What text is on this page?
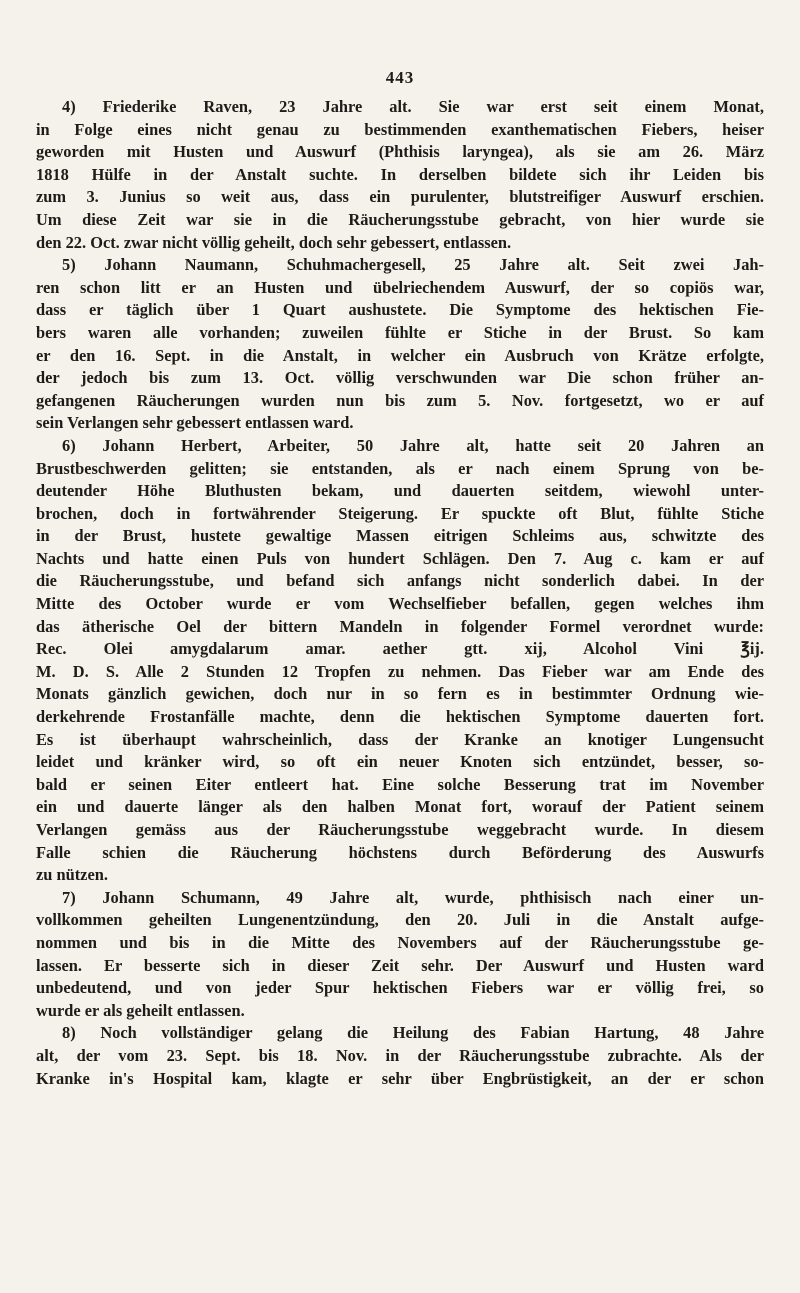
443
4) Friederike Raven, 23 Jahre alt. Sie war erst seit einem Monat,
in Folge eines nicht genau zu bestimmenden exanthematischen Fiebers, heiser
geworden mit Husten und Auswurf (Phthisis laryngea), als sie am 26. März
1818 Hülfe in der Anstalt suchte. In derselben bildete sich ihr Leiden bis
zum 3. Junius so weit aus, dass ein purulenter, blutstreifiger Auswurf erschien.
Um diese Zeit war sie in die Räucherungsstube gebracht, von hier wurde sie
den 22. Oct. zwar nicht völlig geheilt, doch sehr gebessert, entlassen.
5) Johann Naumann, Schuhmachergesell, 25 Jahre alt. Seit zwei Jah-
ren schon litt er an Husten und übelriechendem Auswurf, der so copiös war,
dass er täglich über 1 Quart aushustete. Die Symptome des hektischen Fie-
bers waren alle vorhanden; zuweilen fühlte er Stiche in der Brust. So kam
er den 16. Sept. in die Anstalt, in welcher ein Ausbruch von Krätze erfolgte,
der jedoch bis zum 13. Oct. völlig verschwunden war Die schon früher an-
gefangenen Räucherungen wurden nun bis zum 5. Nov. fortgesetzt, wo er auf
sein Verlangen sehr gebessert entlassen ward.
6) Johann Herbert, Arbeiter, 50 Jahre alt, hatte seit 20 Jahren an
Brustbeschwerden gelitten; sie entstanden, als er nach einem Sprung von be-
deutender Höhe Bluthusten bekam, und dauerten seitdem, wiewohl unter-
brochen, doch in fortwährender Steigerung. Er spuckte oft Blut, fühlte Stiche
in der Brust, hustete gewaltige Massen eitrigen Schleims aus, schwitzte des
Nachts und hatte einen Puls von hundert Schlägen. Den 7. Aug c. kam er auf
die Räucherungsstube, und befand sich anfangs nicht sonderlich dabei. In der
Mitte des October wurde er vom Wechselfieber befallen, gegen welches ihm
das ätherische Oel der bittern Mandeln in folgender Formel verordnet wurde:
Rec. Olei amygdalarum amar. aether gtt. xij, Alcohol Vini ℥ij.
M. D. S. Alle 2 Stunden 12 Tropfen zu nehmen. Das Fieber war am Ende des
Monats gänzlich gewichen, doch nur in so fern es in bestimmter Ordnung wie-
derkehrende Frostanfälle machte, denn die hektischen Symptome dauerten fort.
Es ist überhaupt wahrscheinlich, dass der Kranke an knotiger Lungensucht
leidet und kränker wird, so oft ein neuer Knoten sich entzündet, besser, so-
bald er seinen Eiter entleert hat. Eine solche Besserung trat im November
ein und dauerte länger als den halben Monat fort, worauf der Patient seinem
Verlangen gemäss aus der Räucherungsstube weggebracht wurde. In diesem
Falle schien die Räucherung höchstens durch Beförderung des Auswurfs
zu nützen.
7) Johann Schumann, 49 Jahre alt, wurde, phthisisch nach einer un-
vollkommen geheilten Lungenentzündung, den 20. Juli in die Anstalt aufge-
nommen und bis in die Mitte des Novembers auf der Räucherungsstube ge-
lassen. Er besserte sich in dieser Zeit sehr. Der Auswurf und Husten ward
unbedeutend, und von jeder Spur hektischen Fiebers war er völlig frei, so
wurde er als geheilt entlassen.
8) Noch vollständiger gelang die Heilung des Fabian Hartung, 48 Jahre
alt, der vom 23. Sept. bis 18. Nov. in der Räucherungsstube zubrachte. Als der
Kranke in's Hospital kam, klagte er sehr über Engbrüstigkeit, an der er schon
